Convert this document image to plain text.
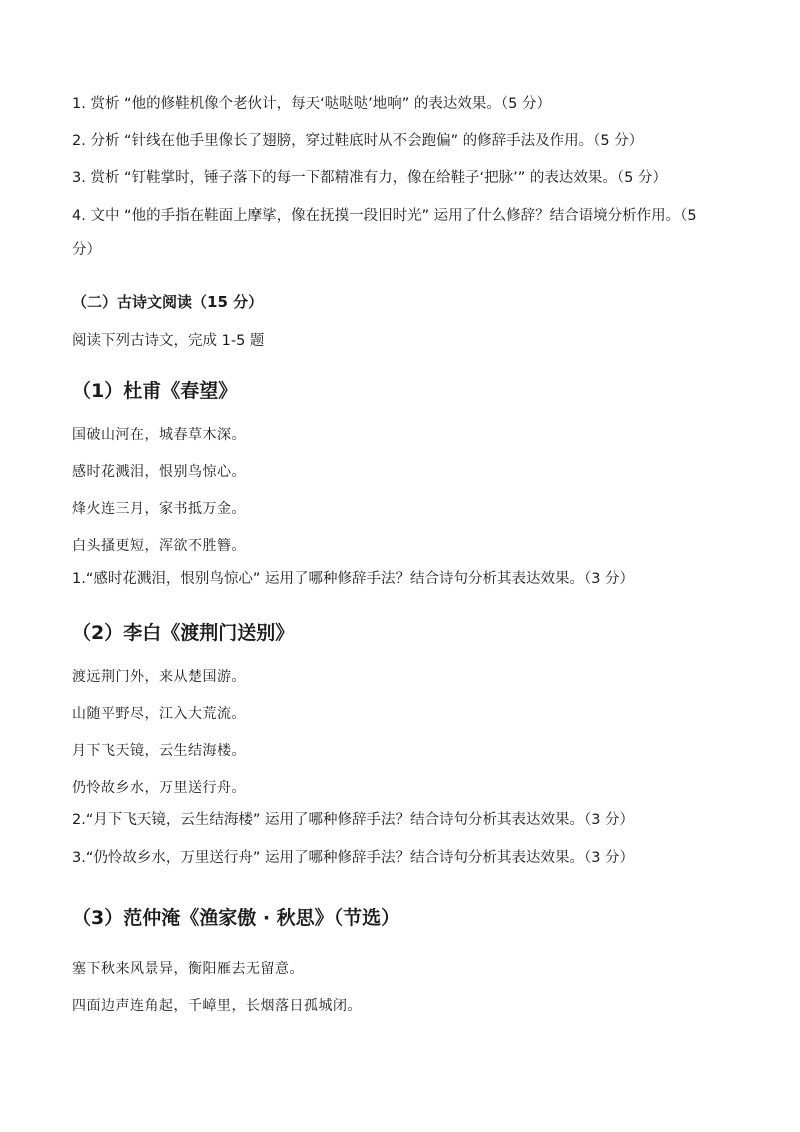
1. 赏析 “他的修鞋机像个老伙计，每天‘哒哒哒’地响” 的表达效果。（5 分）
2. 分析 “针线在他手里像长了翅膀，穿过鞋底时从不会跑偏” 的修辞手法及作用。（5 分）
3. 赏析 “钉鞋掌时，锤子落下的每一下都精准有力，像在给鞋子‘把脉’” 的表达效果。（5 分）
4. 文中 “他的手指在鞋面上摩挲，像在抚摸一段旧时光” 运用了什么修辞？结合语境分析作用。（5 分）
（二）古诗文阅读（15 分）
阅读下列古诗文，完成 1-5 题
（1）杜甫《春望》
国破山河在，城春草木深。
感时花溅泪，恨别鸟惊心。
烽火连三月，家书抵万金。
白头搔更短，浑欲不胜簪。
1.“感时花溅泪，恨别鸟惊心” 运用了哪种修辞手法？结合诗句分析其表达效果。（3 分）
（2）李白《渡荆门送别》
渡远荆门外，来从楚国游。
山随平野尽，江入大荒流。
月下飞天镜，云生结海楼。
仍怜故乡水，万里送行舟。
2.“月下飞天镜，云生结海楼” 运用了哪种修辞手法？结合诗句分析其表达效果。（3 分）
3.“仍怜故乡水，万里送行舟” 运用了哪种修辞手法？结合诗句分析其表达效果。（3 分）
（3）范仲淹《渔家傲 · 秋思》（节选）
塞下秋来风景异，衡阳雁去无留意。
四面边声连角起，千嶂里，长烟落日孤城闭。
